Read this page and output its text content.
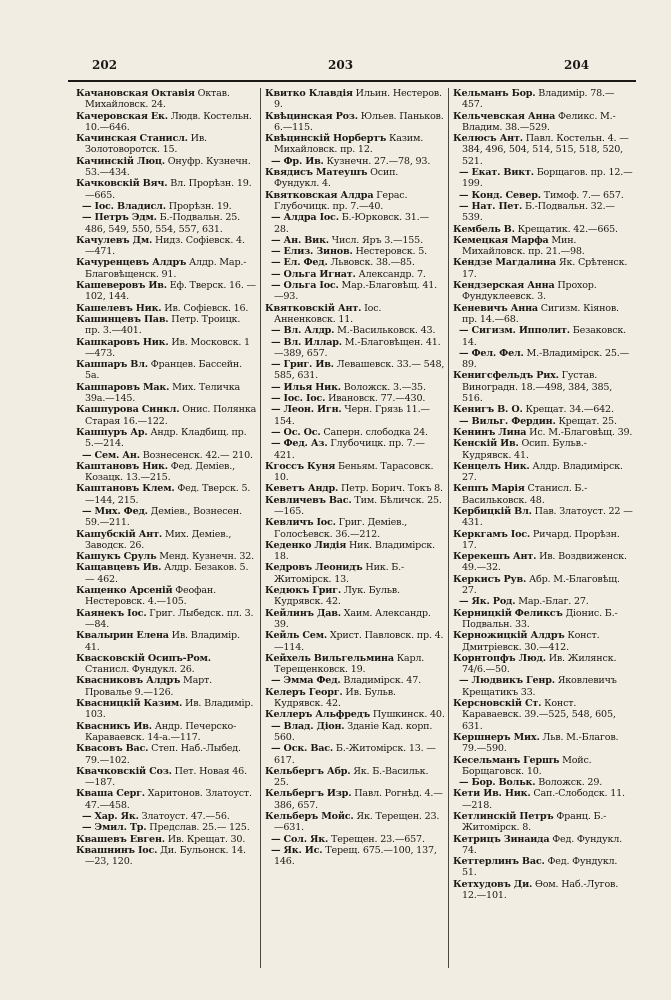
202	203	204
Качановская Октавія Октав. Михайловск. 24.
Качеровская Ек. Людв. Костельн. 10.—646.
Качинская Станисл. Ив. Золотоворотск. 15.
Качинскій Люц. Онуфр. Кузнечн. 53.—434.
Качковскій Вяч. Вл. Прорѣзн. 19. —665.
— Іос. Владисл. Прорѣзн. 19.
— Петръ Эдм. Б.-Подвальн. 25. 486, 549, 550, 554, 557, 631.
Качулевъ Дм. Нидз. Софіевск. 4. —471.
Качуренцевъ Алдръ Алдр. Мар.-Благовѣщенск. 91.
Кашеверовъ Ив. Еф. Тверск. 16. —102, 144.
Кашелевъ Ник. Ив. Софіевск. 16.
Кашинцевъ Пав. Петр. Троицк. пр. 3.—401.
Кашкаровъ Ник. Ив. Московск. 1 —473.
Кашпаръ Вл. Францев. Бассейн. 5а.
Кашпаровъ Мак. Мих. Теличка 39а.—145.
Кашпурова Синкл. Онис. Полянка Старая 16.—122.
Кашпуръ Ар. Андр. Кладбищ. пр. 5.—214.
— Сем. Ан. Вознесенск. 42.— 210.
Каштановъ Ник. Фед. Деміев., Козацк. 13.—215.
Каштановъ Клем. Фед. Тверск. 5. —144, 215.
— Мих. Фед. Деміев., Вознесен. 59.—211.
Кашубскій Ант. Мих. Деміев., Заводск. 26.
Кашукъ Сруль Менд. Кузнечн. 32.
Кащавцевъ Ив. Алдр. Безаков. 5.— 462.
Кащенко Арсеній Феофан. Нестеровск. 4.—105.
Каянекъ Іос. Григ. Лыбедск. пл. 3.—84.
Квалырин Елена Ив. Владимір. 41.
Квасковскій Осипъ-Ром. Станисл. Фундукл. 26.
Квасниковъ Алдръ Март. Провалье 9.—126.
Квасницкій Казим. Ив. Владимір. 103.
Квасникъ Ив. Андр. Печерско-Караваевск. 14-а.—117.
Квасовъ Вас. Степ. Наб.-Лыбед. 79.—102.
Квачковскій Соз. Пет. Новая 46. —187.
Кваша Серг. Харитонов. Златоуст. 47.—458.
— Хар. Як. Златоуст. 47.—56.
— Эмил. Тр. Предслав. 25.— 125.
Квашевъ Евген. Ив. Крещат. 30.
Квашнинъ Іос. Ди. Бульонск. 14. —23, 120.
Квитко Клавдія Ильин. Нестеров. 9.
Квѣцинская Роз. Юльев. Паньков. 6.—115.
Квѣцинскій Норбертъ Казим. Михайловск. пр. 12.
— Фр. Ив. Кузнечн. 27.—78, 93.
Квядисъ Матеушъ Осип. Фундукл. 4.
Квятковская Алдра Герас. Глубочицк. пр. 7.—40.
— Алдра Іос. Б.-Юрковск. 31.— 28.
— Ан. Вик. Числ. Яръ 3.—155.
— Елиз. Зинов. Нестеровск. 5.
— Ел. Фед. Львовск. 38.—85.
— Ольга Игнат. Александр. 7.
— Ольга Іос. Мар.-Благовѣщ. 41. —93.
Квятковскій Ант. Іос. Анненковск. 11.
— Вл. Алдр. М.-Васильковск. 43.
— Вл. Иллар. М.-Благовѣщен. 41.—389, 657.
— Григ. Ив. Левашевск. 33.— 548, 585, 631.
— Илья Ник. Воложск. 3.—35.
— Іос. Іос. Ивановск. 77.—430.
— Леон. Игн. Черн. Грязь 11.— 154.
— Ос. Ос. Саперн. слободка 24.
— Фед. Аз. Глубочицк. пр. 7.— 421.
Кгоссъ Куня Беньям. Тарасовск. 10.
Кеветъ Андр. Петр. Борич. Токъ 8.
Кевличевъ Вас. Тим. Бѣличск. 25. —165.
Кевличъ Іос. Григ. Деміев., Голосѣевск. 36.—212.
Кеденко Лидія Ник. Владимірск. 18.
Кедровъ Леонидъ Ник. Б.-Житомірск. 13.
Кедюкъ Григ. Лук. Бульв. Кудрявск. 42.
Кейлинъ Дав. Хаим. Александр. 39.
Кейль Сем. Христ. Павловск. пр. 4.—114.
Кейхель Вильгельмина Карл. Терещенковск. 19.
— Эмма Фед. Владимірск. 47.
Келеръ Георг. Ив. Бульв. Кудрявск. 42.
Келлеръ Альфредъ Пушкинск. 40.
— Влад. Діон. Зданіе Кад. корп. 560.
— Оск. Вас. Б.-Житомірск. 13. —617.
Кельбергъ Абр. Як. Б.-Васильк. 25.
Кельбергъ Изр. Павл. Рогнѣд. 4.—386, 657.
Кельберъ Мойс. Як. Терещен. 23.—631.
— Сол. Як. Терещен. 23.—657.
— Як. Ис. Терещ. 675.—100, 137, 146.
Кельманъ Бор. Владимір. 78.— 457.
Кельчевская Анна Феликс. М.-Владим. 38.—529.
Келюсъ Ант. Павл. Костельн. 4. —384, 496, 504, 514, 515, 518, 520, 521.
— Екат. Викт. Борщагов. пр. 12.—199.
— Конд. Север. Тимоф. 7.— 657.
— Нат. Пет. Б.-Подвальн. 32.— 539.
Кембель В. Крещатик. 42.—665.
Кемецкая Марфа Мин. Михайловск. пр. 21.—98.
Кендзе Магдалина Як. Срѣтенск. 17.
Кендзерская Анна Прохор. Фундуклеевск. 3.
Кеневичъ Анна Сигизм. Кіянов. пр. 14.—68.
— Сигизм. Ипполит. Безаковск. 14.
— Фел. Фел. М.-Владимірск. 25.—89.
Кенигсфельдъ Рих. Густав. Виноградн. 18.—498, 384, 385, 516.
Кенигъ В. О. Крещат. 34.—642.
— Вильг. Фердин. Крещат. 25.
Кенинъ Лина Ис. М.-Благовѣщ. 39.
Кенскій Ив. Осип. Бульв.-Кудрявск. 41.
Кенцелъ Ник. Алдр. Владимірск. 27.
Кеппъ Марія Станисл. Б.-Васильковск. 48.
Кербицкій Вл. Пав. Златоуст. 22 —431.
Керкгамъ Іос. Ричард. Прорѣзн. 17.
Керекешъ Ант. Ив. Воздвиженск. 49.—32.
Керкисъ Рув. Абр. М.-Благовѣщ. 27.
— Як. Род. Мар.-Благ. 27.
Керницкій Феликсъ Діонис. Б.-Подвальн. 33.
Керножицкій Алдръ Конст. Дмитріевск. 30.—412.
Корнтопфъ Люд. Ив. Жилянск. 74/6.—50.
— Людвикъ Генр. Яковлевичъ Крещатикъ 33.
Керсновскій Ст. Конст. Караваевск. 39.—525, 548, 605, 631.
Кершнеръ Мих. Льв. М.-Благов. 79.—590.
Кесельманъ Гершъ Мойс. Борщаговск. 10.
— Бор. Вольк. Воложск. 29.
Кети Ив. Ник. Сап.-Слободск. 11.—218.
Кетлинскій Петръ Франц. Б.-Житомірск. 8.
Кетрицъ Зинаида Фед. Фундукл. 74.
Кеттерлинъ Вас. Фед. Фундукл. 51.
Кетхудовъ Ди. Ѳом. Наб.-Лугов. 12.—101.
